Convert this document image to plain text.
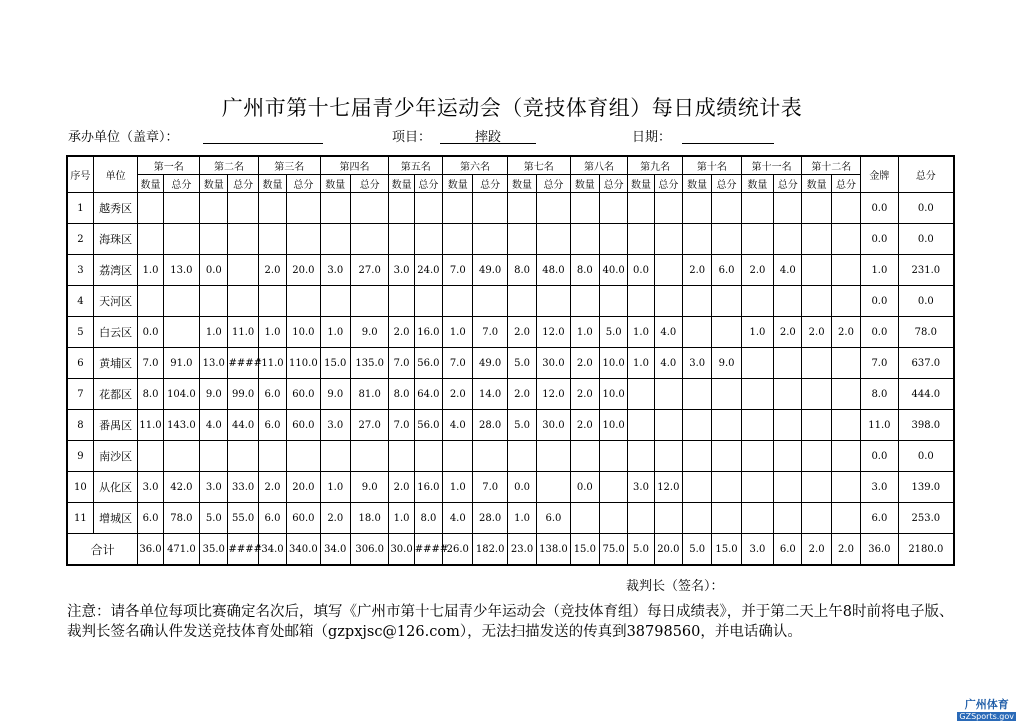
广州市第十七届青少年运动会（竞技体育组）每日成绩统计表
承办单位（盖章）：	项目：	摔跤	日期：
序号	单位	第一名		第二名		第三名		第四名		第五名		第六名		第七名		第八名		第九名		第十名		第十一名		第十二名		金牌	总分
		数量	总分	数量	总分	数量	总分	数量	总分	数量	总分	数量	总分	数量	总分	数量	总分	数量	总分	数量	总分	数量	总分	数量	总分		
1	越秀区																									0.0	0.0
2	海珠区																									0.0	0.0
3	荔湾区	1.0	13.0	0.0		2.0	20.0	3.0	27.0	3.0	24.0	7.0	49.0	8.0	48.0	8.0	40.0	0.0		2.0	6.0	2.0	4.0			1.0	231.0
4	天河区																									0.0	0.0
5	白云区	0.0		1.0	11.0	1.0	10.0	1.0	9.0	2.0	16.0	1.0	7.0	2.0	12.0	1.0	5.0	1.0	4.0			1.0	2.0	2.0	2.0	0.0	78.0
6	黄埔区	7.0	91.0	13.0	####	11.0	110.0	15.0	135.0	7.0	56.0	7.0	49.0	5.0	30.0	2.0	10.0	1.0	4.0	3.0	9.0					7.0	637.0
7	花都区	8.0	104.0	9.0	99.0	6.0	60.0	9.0	81.0	8.0	64.0	2.0	14.0	2.0	12.0	2.0	10.0									8.0	444.0
8	番禺区	11.0	143.0	4.0	44.0	6.0	60.0	3.0	27.0	7.0	56.0	4.0	28.0	5.0	30.0	2.0	10.0									11.0	398.0
9	南沙区																									0.0	0.0
10	从化区	3.0	42.0	3.0	33.0	2.0	20.0	1.0	9.0	2.0	16.0	1.0	7.0	0.0		0.0		3.0	12.0							3.0	139.0
11	增城区	6.0	78.0	5.0	55.0	6.0	60.0	2.0	18.0	1.0	8.0	4.0	28.0	1.0	6.0											6.0	253.0
合计		36.0	471.0	35.0	####	34.0	340.0	34.0	306.0	30.0	####	26.0	182.0	23.0	138.0	15.0	75.0	5.0	20.0	5.0	15.0	3.0	6.0	2.0	2.0	36.0	2180.0
裁判长（签名）：
注意：请各单位每项比赛确定名次后，填写《广州市第十七届青少年运动会（竞技体育组）每日成绩表》，并于第二天上午8时前将电子版、裁判长签名确认件发送竞技体育处邮箱（gzpxjsc@126.com），无法扫描发送的传真到38798560，并电话确认。
广州体育
GZSports.gov
